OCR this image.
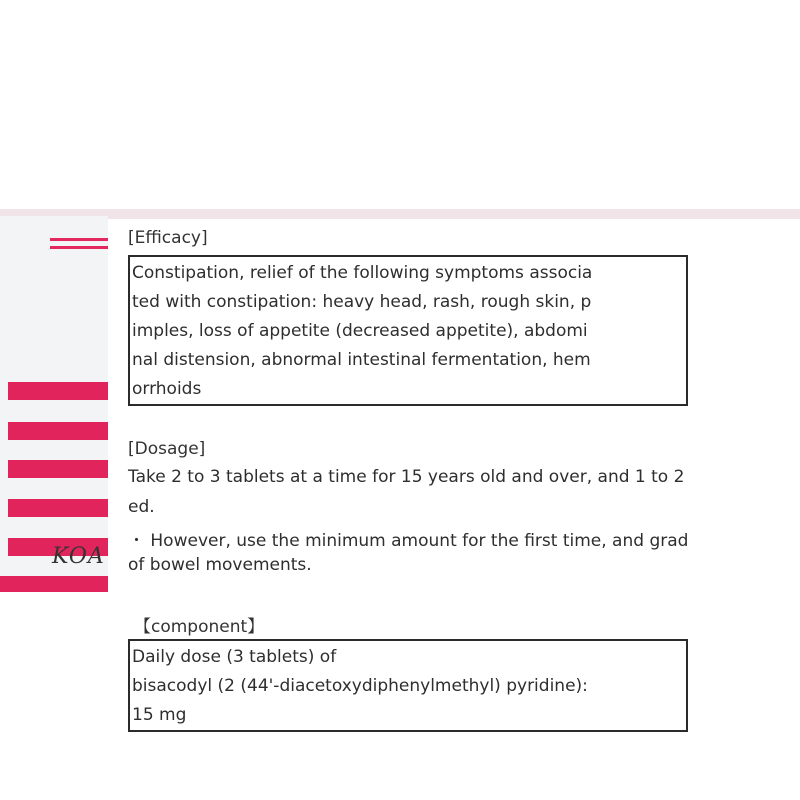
KOA
[Efficacy]
Constipation, relief of the following symptoms associa
ted with constipation: heavy head, rash, rough skin, p
imples, loss of appetite (decreased appetite), abdomi
nal distension, abnormal intestinal fermentation, hem
orrhoids
[Dosage]
Take 2 to 3 tablets at a time for 15 years old and over, and 1 to 2
ed.
・ However, use the minimum amount for the first time, and grad
of bowel movements.
【component】
Daily dose (3 tablets) of
bisacodyl (2 (44'-diacetoxydiphenylmethyl) pyridine):
15 mg
